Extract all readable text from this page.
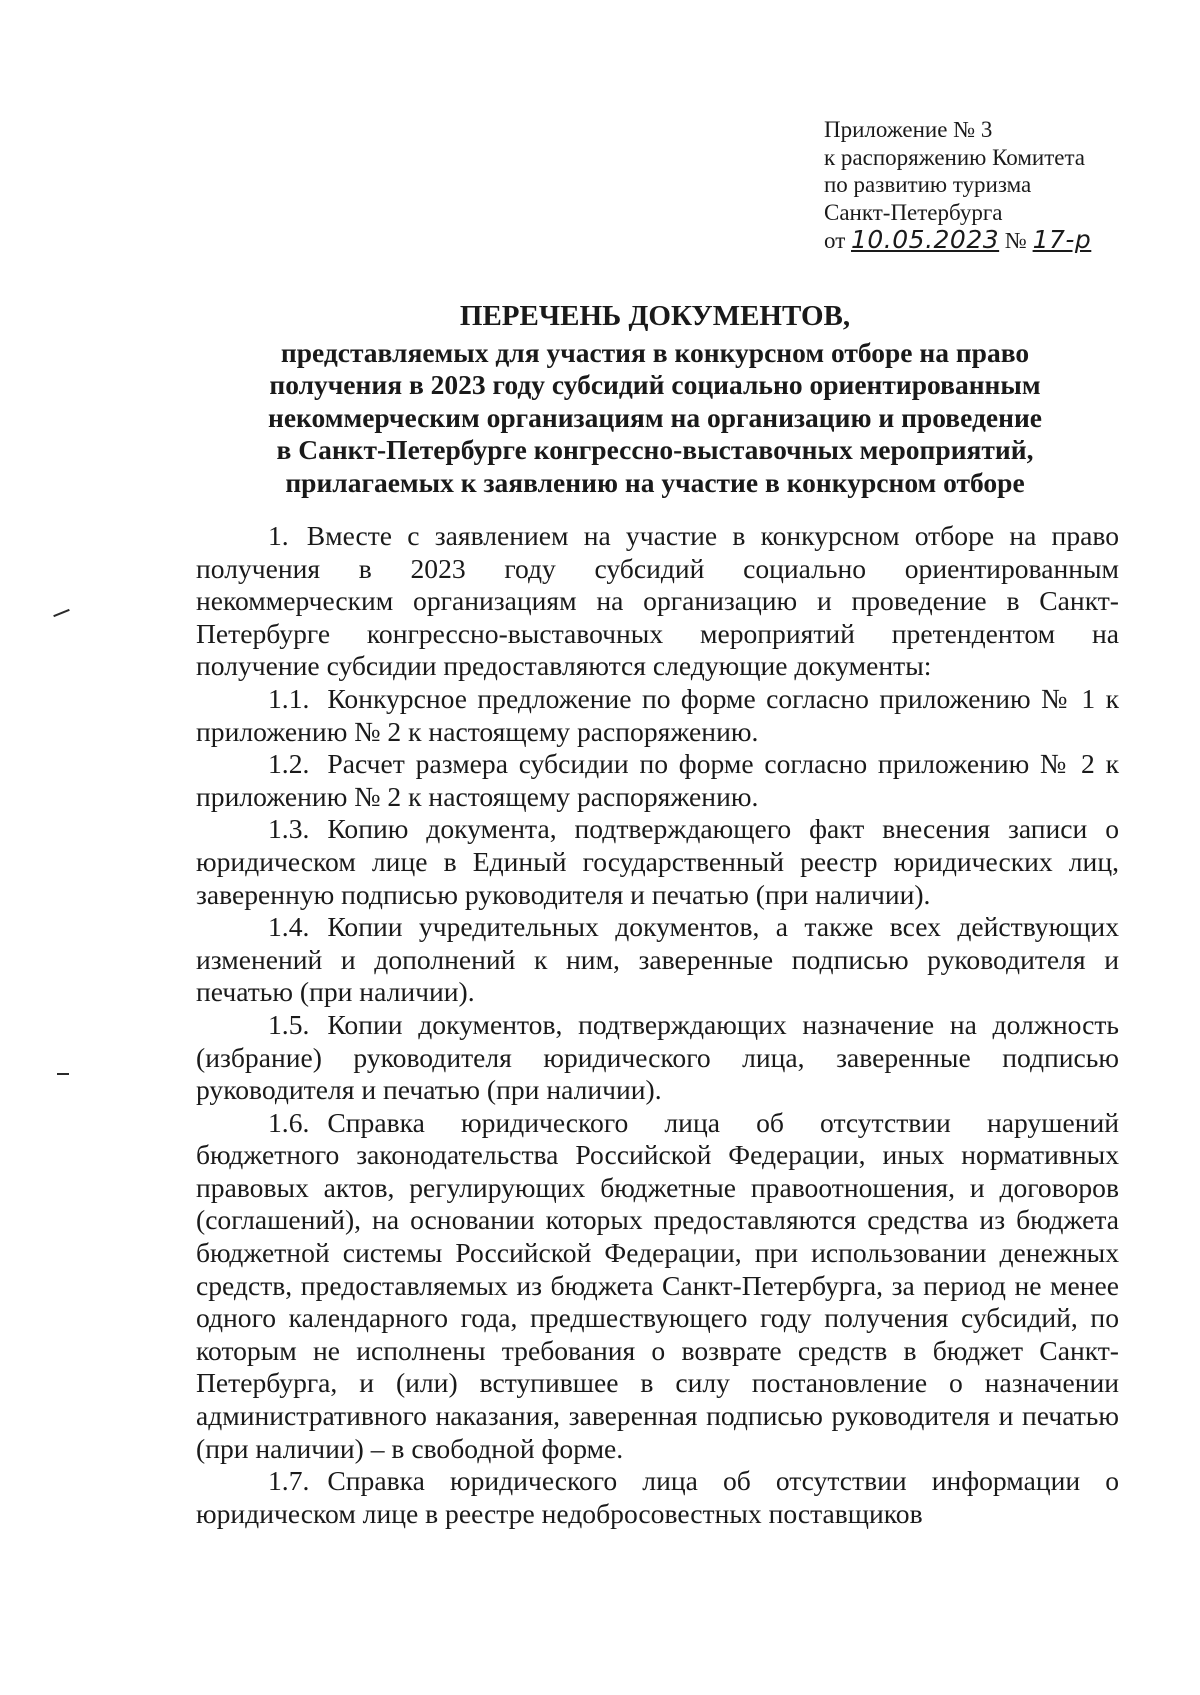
Приложение № 3
к распоряжению Комитета
по развитию туризма
Санкт-Петербурга
от 10.05.2023 № 17-р
ПЕРЕЧЕНЬ ДОКУМЕНТОВ,
представляемых для участия в конкурсном отборе на право
получения в 2023 году субсидий социально ориентированным
некоммерческим организациям на организацию и проведение
в Санкт-Петербурге конгрессно-выставочных мероприятий,
прилагаемых к заявлению на участие в конкурсном отборе

1. Вместе с заявлением на участие в конкурсном отборе на право получения в 2023 году субсидий социально ориентированным некоммерческим организациям на организацию и проведение в Санкт-Петербурге конгрессно-выставочных мероприятий претендентом на получение субсидии предоставляются следующие документы:

1.1. Конкурсное предложение по форме согласно приложению № 1 к приложению № 2 к настоящему распоряжению.

1.2. Расчет размера субсидии по форме согласно приложению № 2 к приложению № 2 к настоящему распоряжению.

1.3. Копию документа, подтверждающего факт внесения записи о юридическом лице в Единый государственный реестр юридических лиц, заверенную подписью руководителя и печатью (при наличии).

1.4. Копии учредительных документов, а также всех действующих изменений и дополнений к ним, заверенные подписью руководителя и печатью (при наличии).

1.5. Копии документов, подтверждающих назначение на должность (избрание) руководителя юридического лица, заверенные подписью руководителя и печатью (при наличии).

1.6. Справка юридического лица об отсутствии нарушений бюджетного законодательства Российской Федерации, иных нормативных правовых актов, регулирующих бюджетные правоотношения, и договоров (соглашений), на основании которых предоставляются средства из бюджета бюджетной системы Российской Федерации, при использовании денежных средств, предоставляемых из бюджета Санкт-Петербурга, за период не менее одного календарного года, предшествующего году получения субсидий, по которым не исполнены требования о возврате средств в бюджет Санкт-Петербурга, и (или) вступившее в силу постановление о назначении административного наказания, заверенная подписью руководителя и печатью (при наличии) – в свободной форме.

1.7. Справка юридического лица об отсутствии информации о юридическом лице в реестре недобросовестных поставщиков
